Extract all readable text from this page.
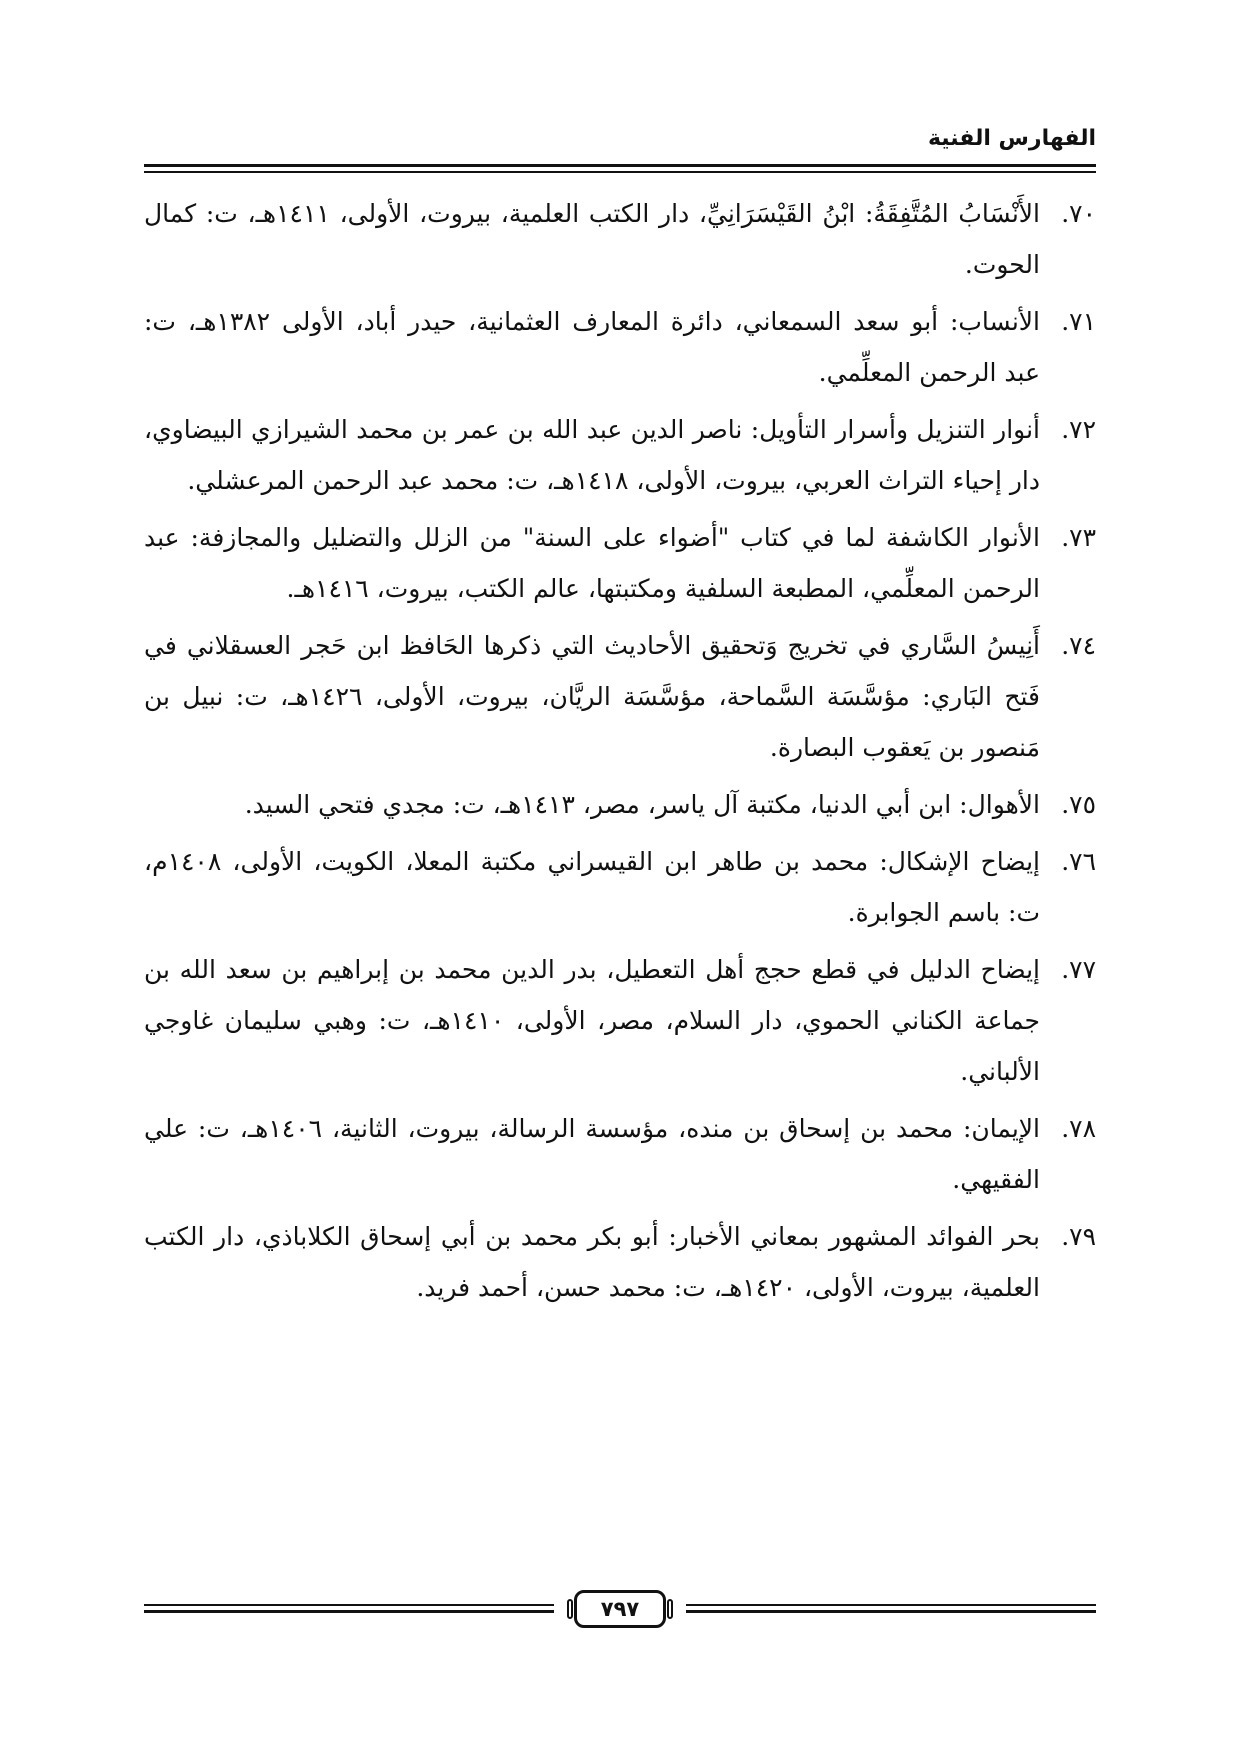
الفهارس الفنية
٧٠.
الأَنْسَابُ المُتَّفِقَةُ: ابْنُ القَيْسَرَانِيِّ، دار الكتب العلمية، بيروت، الأولى، ١٤١١هـ، ت: كمال الحوت.
٧١.
الأنساب: أبو سعد السمعاني، دائرة المعارف العثمانية، حيدر أباد، الأولى ١٣٨٢هـ، ت: عبد الرحمن المعلِّمي.
٧٢.
أنوار التنزيل وأسرار التأويل: ناصر الدين عبد الله بن عمر بن محمد الشيرازي البيضاوي، دار إحياء التراث العربي، بيروت، الأولى، ١٤١٨هـ، ت: محمد عبد الرحمن المرعشلي.
٧٣.
الأنوار الكاشفة لما في كتاب "أضواء على السنة" من الزلل والتضليل والمجازفة: عبد الرحمن المعلِّمي، المطبعة السلفية ومكتبتها، عالم الكتب، بيروت، ١٤١٦هـ.
٧٤.
أَنِيسُ السَّاري في تخريج وَتحقيق الأحاديث التي ذكرها الحَافظ ابن حَجر العسقلاني في فَتح البَاري: مؤسَّسَة السَّماحة، مؤسَّسَة الريَّان، بيروت، الأولى، ١٤٢٦هـ، ت: نبيل بن مَنصور بن يَعقوب البصارة.
٧٥.
الأهوال: ابن أبي الدنيا، مكتبة آل ياسر، مصر، ١٤١٣هـ، ت: مجدي فتحي السيد.
٧٦.
إيضاح الإشكال: محمد بن طاهر ابن القيسراني مكتبة المعلا، الكويت، الأولى، ١٤٠٨م، ت: باسم الجوابرة.
٧٧.
إيضاح الدليل في قطع حجج أهل التعطيل، بدر الدين محمد بن إبراهيم بن سعد الله بن جماعة الكناني الحموي، دار السلام، مصر، الأولى، ١٤١٠هـ، ت: وهبي سليمان غاوجي الألباني.
٧٨.
الإيمان: محمد بن إسحاق بن منده، مؤسسة الرسالة، بيروت، الثانية، ١٤٠٦هـ، ت: علي الفقيهي.
٧٩.
بحر الفوائد المشهور بمعاني الأخبار: أبو بكر محمد بن أبي إسحاق الكلاباذي، دار الكتب العلمية، بيروت، الأولى، ١٤٢٠هـ، ت: محمد حسن، أحمد فريد.
٧٩٧
